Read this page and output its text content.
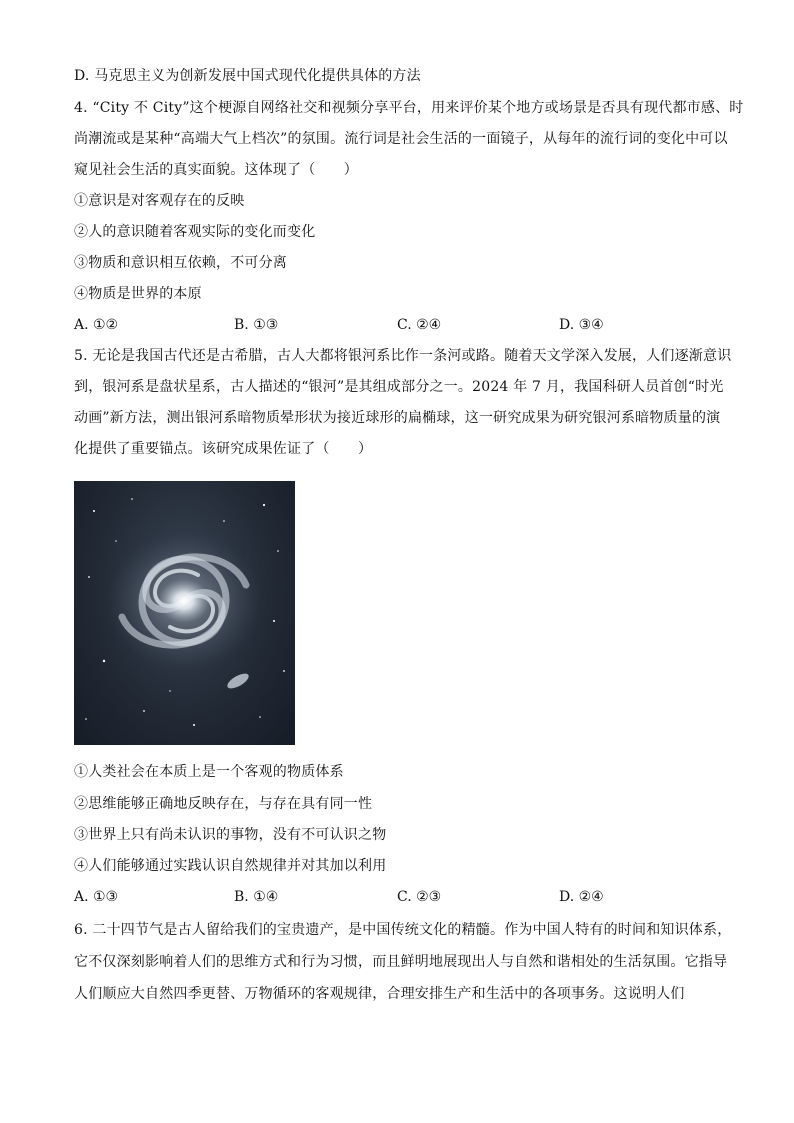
D. 马克思主义为创新发展中国式现代化提供具体的方法
4. “City 不 City”这个梗源自网络社交和视频分享平台，用来评价某个地方或场景是否具有现代都市感、时
尚潮流或是某种“高端大气上档次”的氛围。流行词是社会生活的一面镜子，从每年的流行词的变化中可以
窥见社会生活的真实面貌。这体现了（　　）
①意识是对客观存在的反映
②人的意识随着客观实际的变化而变化
③物质和意识相互依赖，不可分离
④物质是世界的本原
A. ①②	B. ①③	C. ②④	D. ③④
5. 无论是我国古代还是古希腊，古人大都将银河系比作一条河或路。随着天文学深入发展，人们逐渐意识
到，银河系是盘状星系，古人描述的“银河”是其组成部分之一。2024 年 7 月，我国科研人员首创“时光
动画”新方法，测出银河系暗物质晕形状为接近球形的扁椭球，这一研究成果为研究银河系暗物质量的演
化提供了重要锚点。该研究成果佐证了（　　）
①人类社会在本质上是一个客观的物质体系
②思维能够正确地反映存在，与存在具有同一性
③世界上只有尚未认识的事物，没有不可认识之物
④人们能够通过实践认识自然规律并对其加以利用
A. ①③	B. ①④	C. ②③	D. ②④
6. 二十四节气是古人留给我们的宝贵遗产，是中国传统文化的精髓。作为中国人特有的时间和知识体系，
它不仅深刻影响着人们的思维方式和行为习惯，而且鲜明地展现出人与自然和谐相处的生活氛围。它指导
人们顺应大自然四季更替、万物循环的客观规律，合理安排生产和生活中的各项事务。这说明人们
